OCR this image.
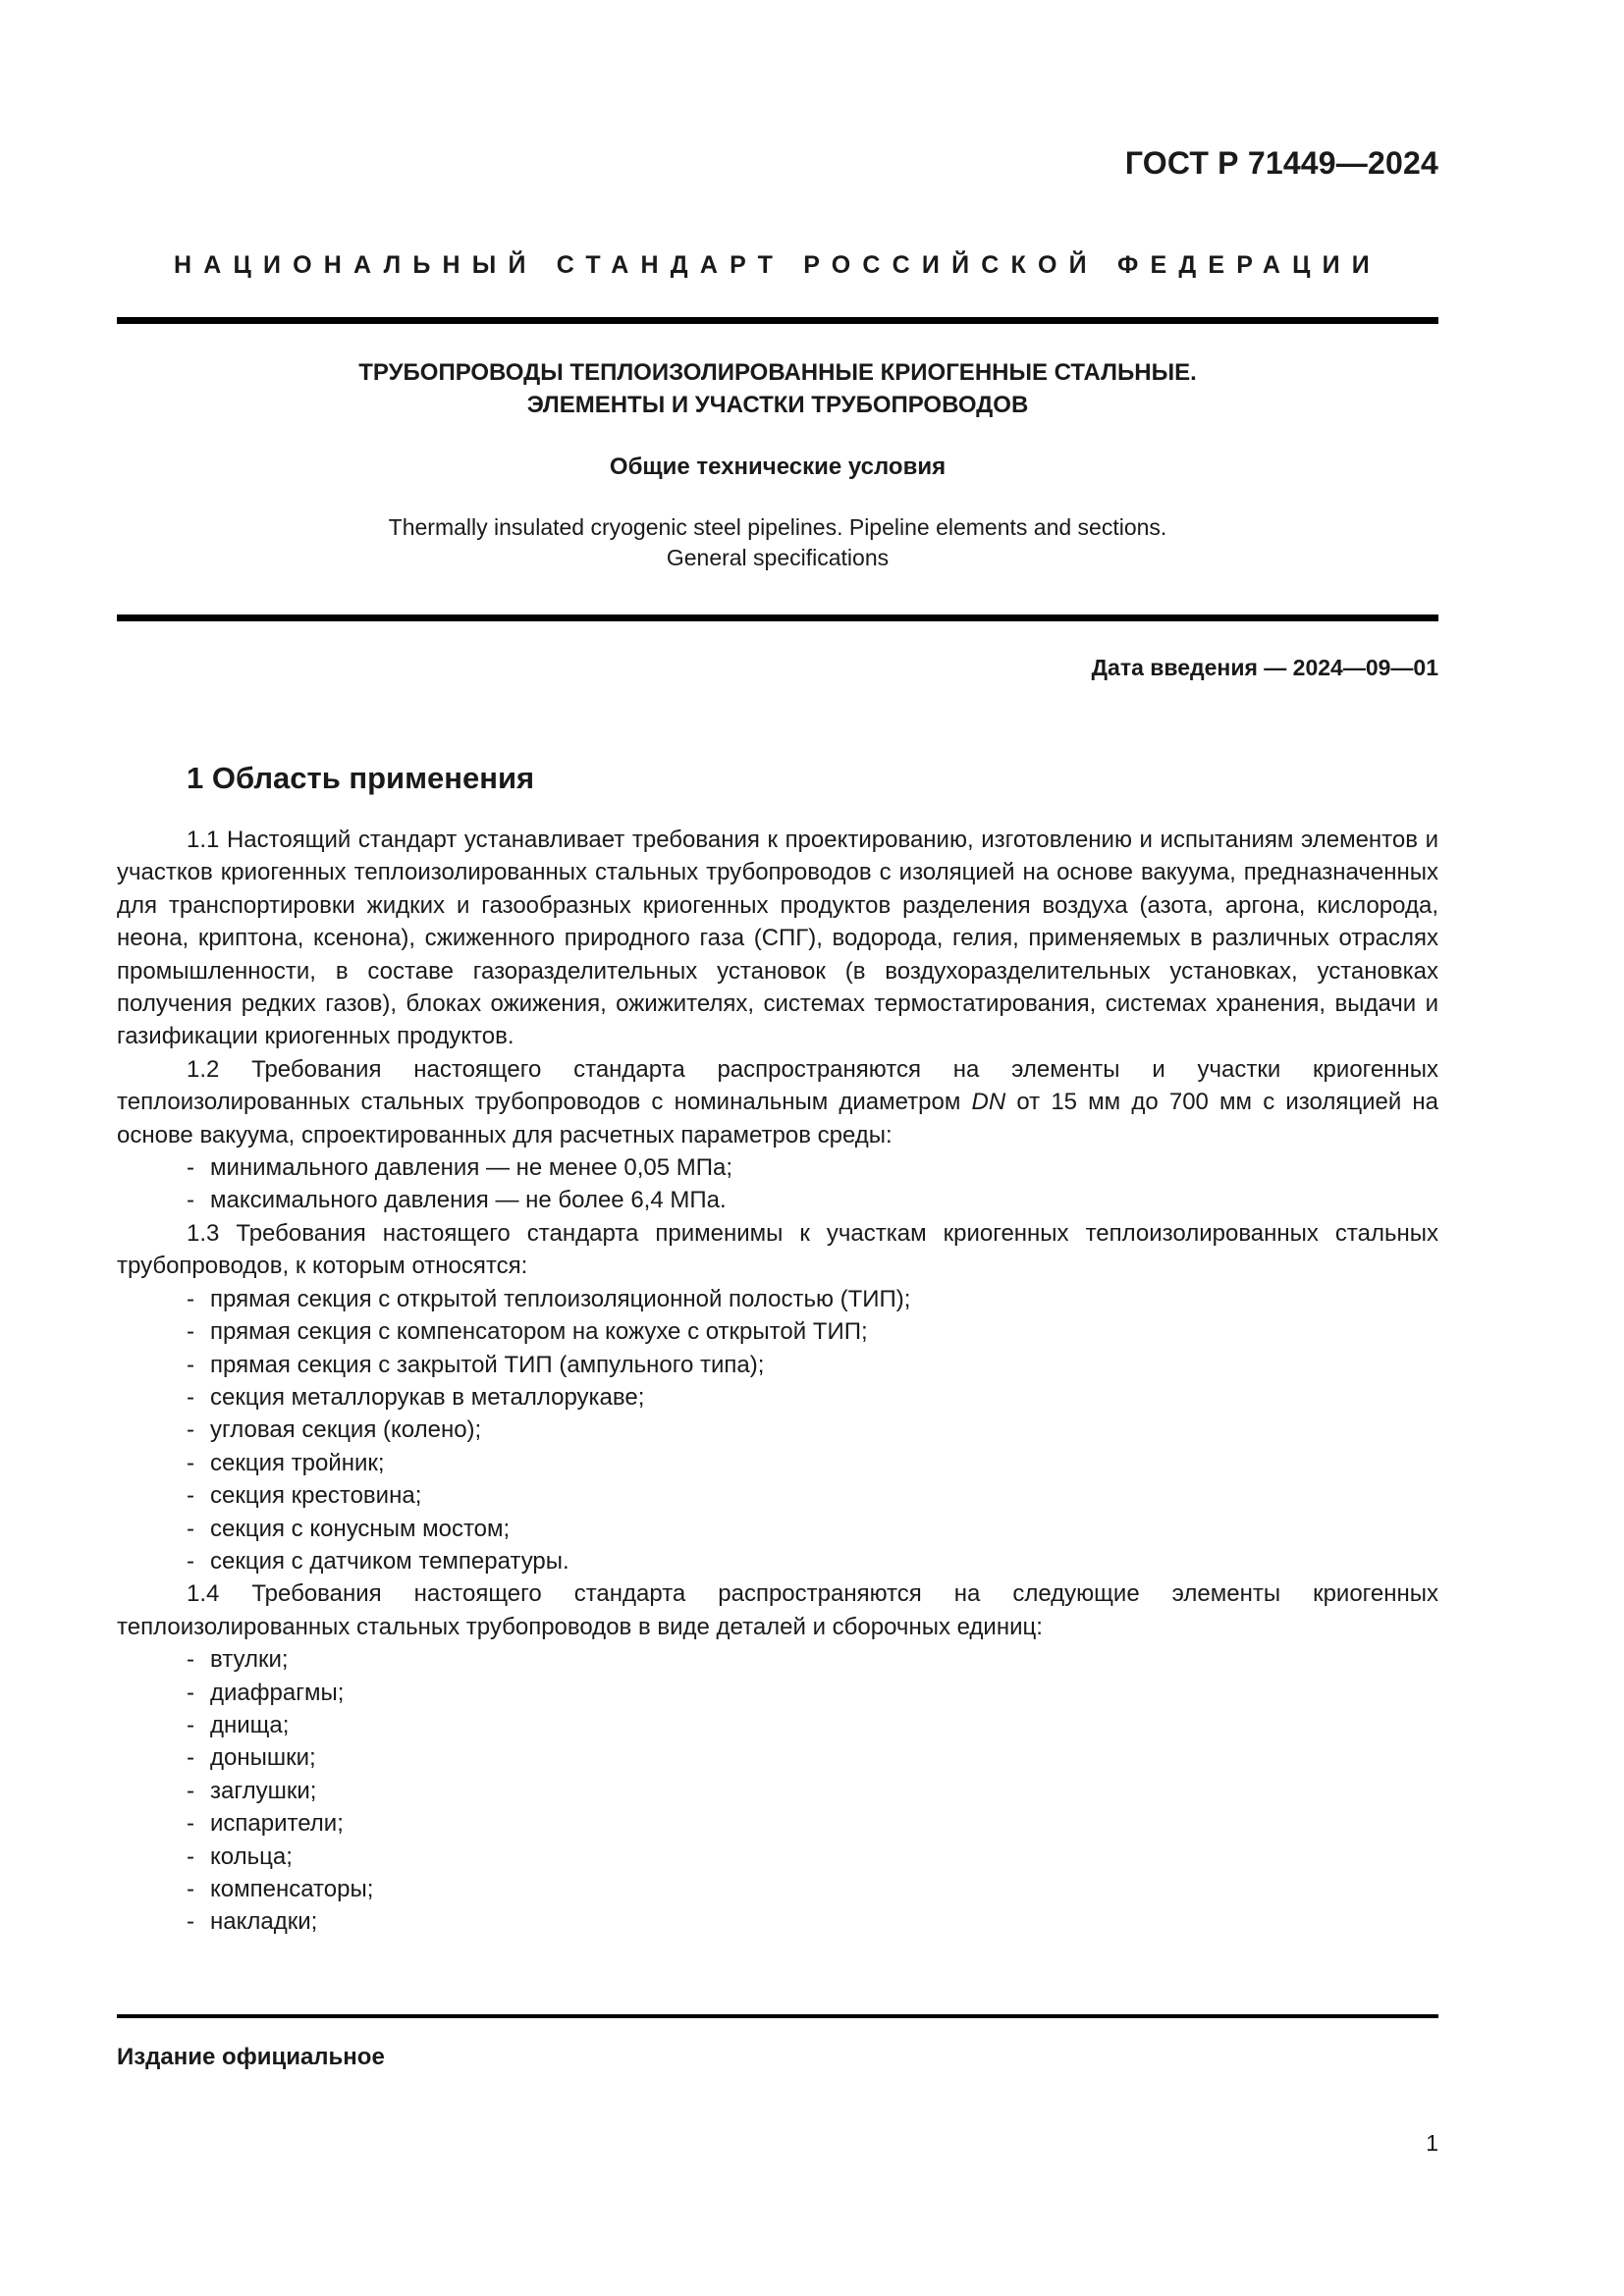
ГОСТ Р 71449—2024
НАЦИОНАЛЬНЫЙ СТАНДАРТ РОССИЙСКОЙ ФЕДЕРАЦИИ
ТРУБОПРОВОДЫ ТЕПЛОИЗОЛИРОВАННЫЕ КРИОГЕННЫЕ СТАЛЬНЫЕ.
ЭЛЕМЕНТЫ И УЧАСТКИ ТРУБОПРОВОДОВ
Общие технические условия
Thermally insulated cryogenic steel pipelines. Pipeline elements and sections.
General specifications
Дата введения — 2024—09—01
1 Область применения

1.1 Настоящий стандарт устанавливает требования к проектированию, изготовлению и испытаниям элементов и участков криогенных теплоизолированных стальных трубопроводов с изоляцией на основе вакуума, предназначенных для транспортировки жидких и газообразных криогенных продуктов разделения воздуха (азота, аргона, кислорода, неона, криптона, ксенона), сжиженного природного газа (СПГ), водорода, гелия, применяемых в различных отраслях промышленности, в составе газоразделительных установок (в воздухоразделительных установках, установках получения редких газов), блоках ожижения, ожижителях, системах термостатирования, системах хранения, выдачи и газификации криогенных продуктов.

1.2 Требования настоящего стандарта распространяются на элементы и участки криогенных теплоизолированных стальных трубопроводов с номинальным диаметром DN от 15 мм до 700 мм с изоляцией на основе вакуума, спроектированных для расчетных параметров среды:

- минимального давления — не менее 0,05 МПа;

- максимального давления — не более 6,4 МПа.

1.3 Требования настоящего стандарта применимы к участкам криогенных теплоизолированных стальных трубопроводов, к которым относятся:

- прямая секция с открытой теплоизоляционной полостью (ТИП);

- прямая секция с компенсатором на кожухе с открытой ТИП;

- прямая секция с закрытой ТИП (ампульного типа);

- секция металлорукав в металлорукаве;

- угловая секция (колено);

- секция тройник;

- секция крестовина;

- секция с конусным мостом;

- секция с датчиком температуры.

1.4 Требования настоящего стандарта распространяются на следующие элементы криогенных теплоизолированных стальных трубопроводов в виде деталей и сборочных единиц:

- втулки;

- диафрагмы;

- днища;

- донышки;

- заглушки;

- испарители;

- кольца;

- компенсаторы;

- накладки;

Издание официальное
1
